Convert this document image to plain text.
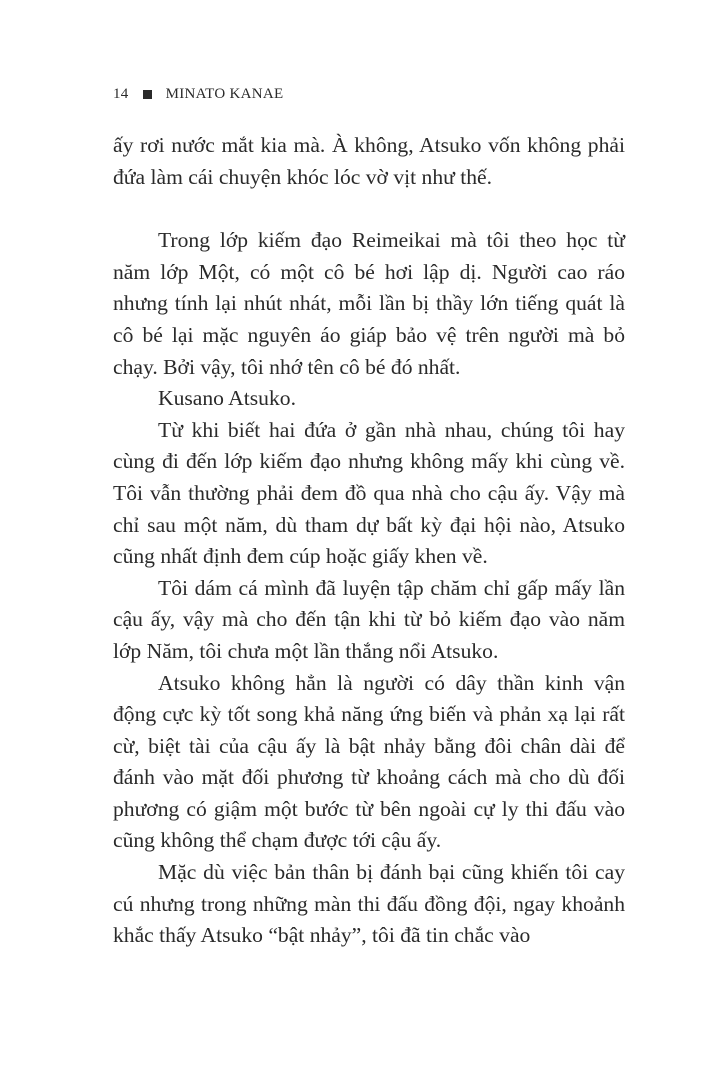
14 MINATO KANAE

ấy rơi nước mắt kia mà. À không, Atsuko vốn không phải đứa làm cái chuyện khóc lóc vờ vịt như thế.

Trong lớp kiếm đạo Reimeikai mà tôi theo học từ năm lớp Một, có một cô bé hơi lập dị. Người cao ráo nhưng tính lại nhút nhát, mỗi lần bị thầy lớn tiếng quát là cô bé lại mặc nguyên áo giáp bảo vệ trên người mà bỏ chạy. Bởi vậy, tôi nhớ tên cô bé đó nhất.

Kusano Atsuko.

Từ khi biết hai đứa ở gần nhà nhau, chúng tôi hay cùng đi đến lớp kiếm đạo nhưng không mấy khi cùng về. Tôi vẫn thường phải đem đồ qua nhà cho cậu ấy. Vậy mà chỉ sau một năm, dù tham dự bất kỳ đại hội nào, Atsuko cũng nhất định đem cúp hoặc giấy khen về.

Tôi dám cá mình đã luyện tập chăm chỉ gấp mấy lần cậu ấy, vậy mà cho đến tận khi từ bỏ kiếm đạo vào năm lớp Năm, tôi chưa một lần thắng nổi Atsuko.

Atsuko không hẳn là người có dây thần kinh vận động cực kỳ tốt song khả năng ứng biến và phản xạ lại rất cừ, biệt tài của cậu ấy là bật nhảy bằng đôi chân dài để đánh vào mặt đối phương từ khoảng cách mà cho dù đối phương có giậm một bước từ bên ngoài cự ly thi đấu vào cũng không thể chạm được tới cậu ấy.

Mặc dù việc bản thân bị đánh bại cũng khiến tôi cay cú nhưng trong những màn thi đấu đồng đội, ngay khoảnh khắc thấy Atsuko “bật nhảy”, tôi đã tin chắc vào
